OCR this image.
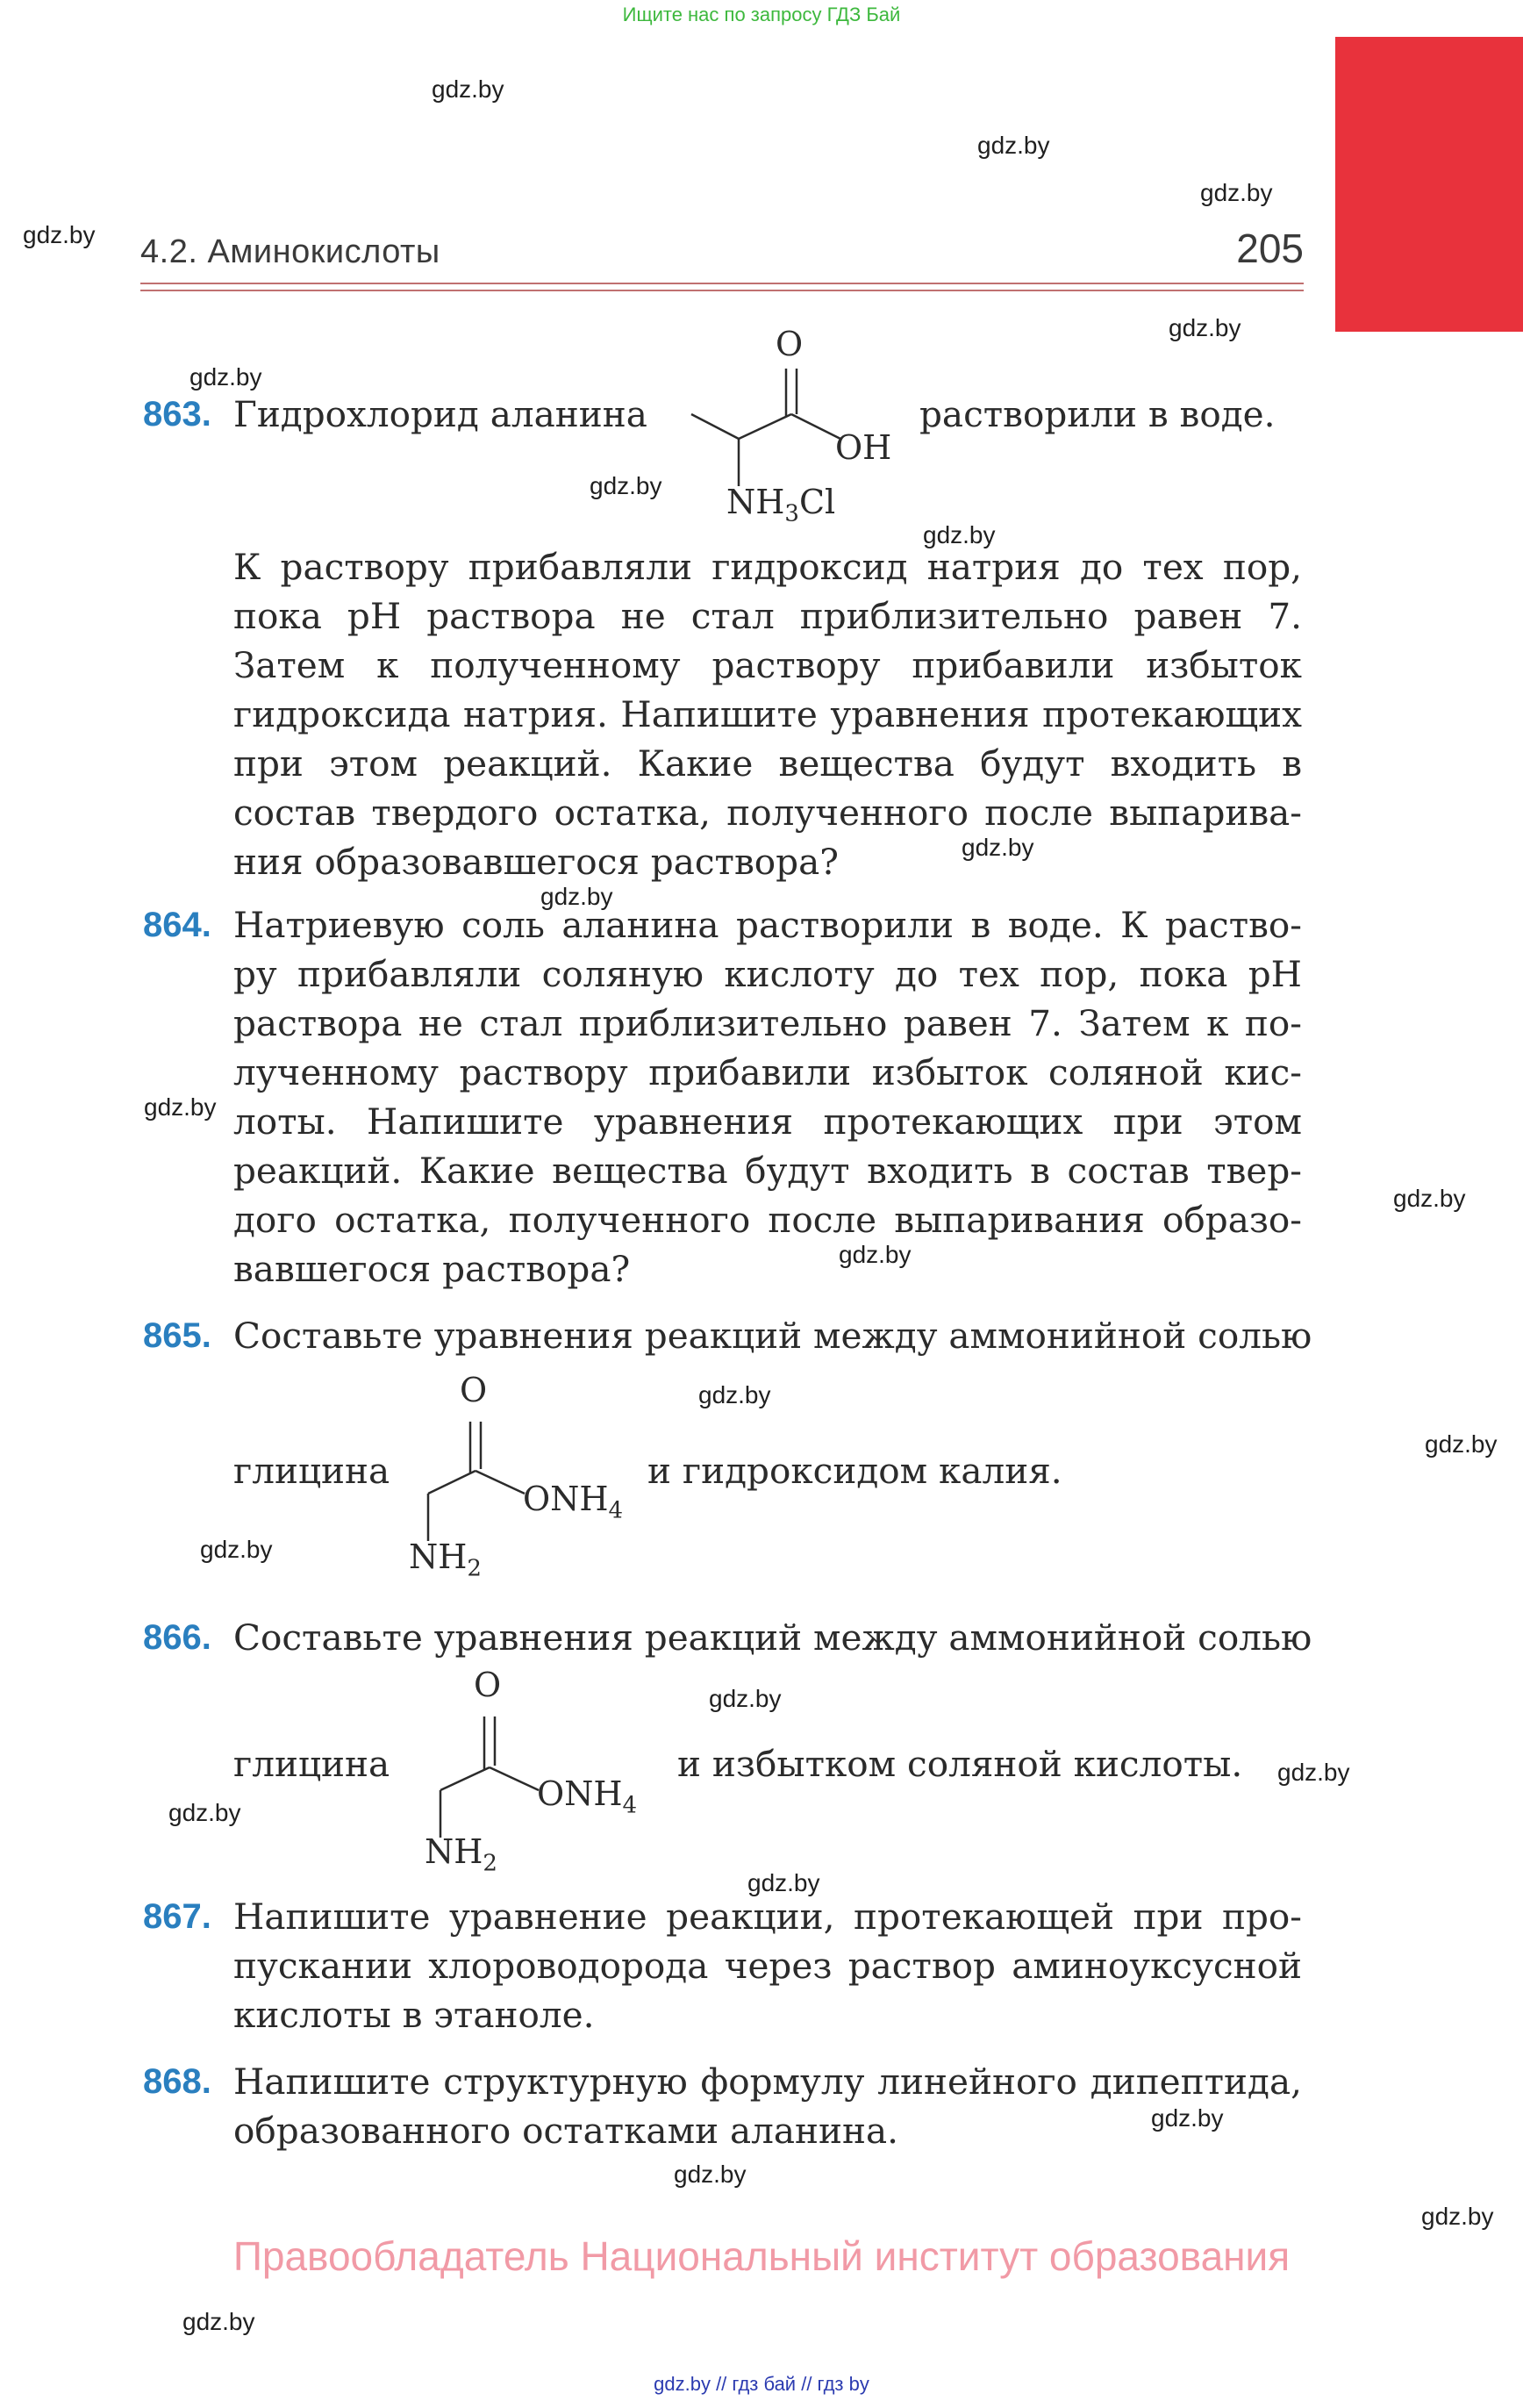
Ищите нас по запросу ГДЗ Бай
gdz.by
gdz.by
gdz.by
gdz.by
gdz.by
gdz.by
gdz.by
gdz.by
gdz.by
gdz.by
gdz.by
gdz.by
gdz.by
gdz.by
gdz.by
gdz.by
gdz.by
gdz.by
gdz.by
gdz.by
gdz.by
gdz.by
gdz.by
gdz.by
4.2. Аминокислоты	205
863. Гидрохлорид аланина	растворили в воде.
O
OH
$NH_3Cl$
К раствору прибавляли гидроксид натрия до тех пор,
пока рН раствора не стал приблизительно равен 7.
Затем к полученному раствору прибавили избыток
гидроксида натрия. Напишите уравнения протекающих
при этом реакций. Какие вещества будут входить в
состав твердого остатка, полученного после выпарива-
ния образовавшегося раствора?
864. Натриевую соль аланина растворили в воде. К раство-
ру прибавляли соляную кислоту до тех пор, пока рН
раствора не стал приблизительно равен 7. Затем к по-
лученному раствору прибавили избыток соляной кис-
лоты. Напишите уравнения протекающих при этом
реакций. Какие вещества будут входить в состав твер-
дого остатка, полученного после выпаривания образо-
вавшегося раствора?
865. Составьте уравнения реакций между аммонийной солью
глицина
O
$ONH_4$
$NH_2$
и гидроксидом калия.
866. Составьте уравнения реакций между аммонийной солью
глицина
O
$ONH_4$
$NH_2$
и избытком соляной кислоты.
867. Напишите уравнение реакции, протекающей при про-
пускании хлороводорода через раствор аминоуксусной
кислоты в этаноле.
868. Напишите структурную формулу линейного дипептида,
образованного остатками аланина.
Правообладатель Национальный институт образования
gdz.by // гдз бай // гдз by
